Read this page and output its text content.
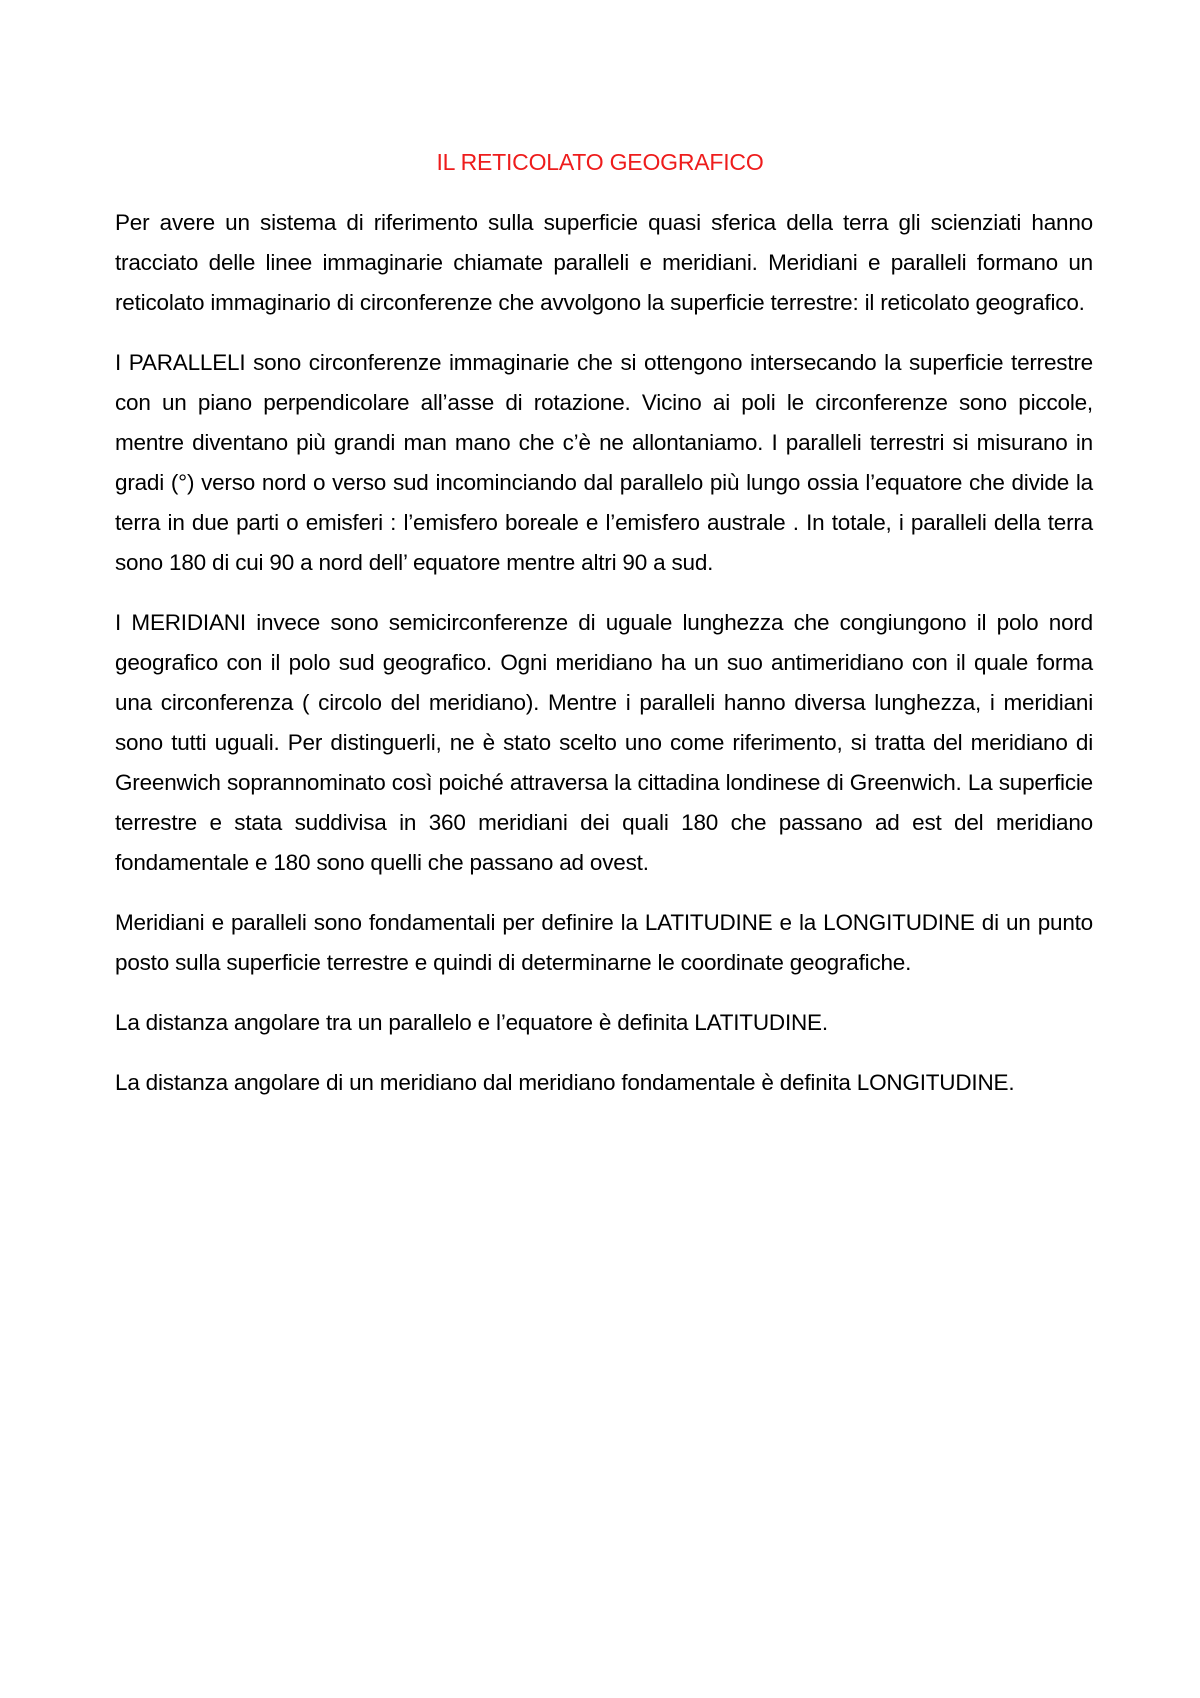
IL RETICOLATO GEOGRAFICO

Per avere un sistema di riferimento sulla superficie quasi sferica della terra gli scienziati hanno tracciato delle linee immaginarie chiamate paralleli e meridiani. Meridiani e paralleli formano un reticolato immaginario di circonferenze che avvolgono la superficie terrestre: il reticolato geografico.

I PARALLELI sono circonferenze immaginarie che si ottengono intersecando la superficie terrestre con un piano perpendicolare all’asse di rotazione. Vicino ai poli le circonferenze sono piccole, mentre diventano più grandi man mano che c’è ne allontaniamo. I paralleli terrestri si misurano in gradi (°) verso nord o verso sud incominciando dal parallelo più lungo ossia l’equatore che divide la terra in due parti o emisferi : l’emisfero boreale e l’emisfero australe . In totale, i paralleli della terra sono 180 di cui 90 a nord dell’ equatore mentre altri 90 a sud.

I MERIDIANI invece sono semicirconferenze di uguale lunghezza che congiungono il polo nord geografico con il polo sud geografico. Ogni meridiano ha un suo antimeridiano con il quale forma una circonferenza ( circolo del meridiano). Mentre i paralleli hanno diversa lunghezza, i meridiani sono tutti uguali. Per distinguerli, ne è stato scelto uno come riferimento, si tratta del meridiano di Greenwich soprannominato così poiché attraversa la cittadina londinese di Greenwich. La superficie terrestre e stata suddivisa in 360 meridiani dei quali 180 che passano ad est del meridiano fondamentale e 180 sono quelli che passano ad ovest.

Meridiani e paralleli sono fondamentali per definire la LATITUDINE e la LONGITUDINE di un punto posto sulla superficie terrestre e quindi di determinarne le coordinate geografiche.

La distanza angolare tra un parallelo e l’equatore è definita LATITUDINE.

La distanza angolare di un meridiano dal meridiano fondamentale è definita LONGITUDINE.
